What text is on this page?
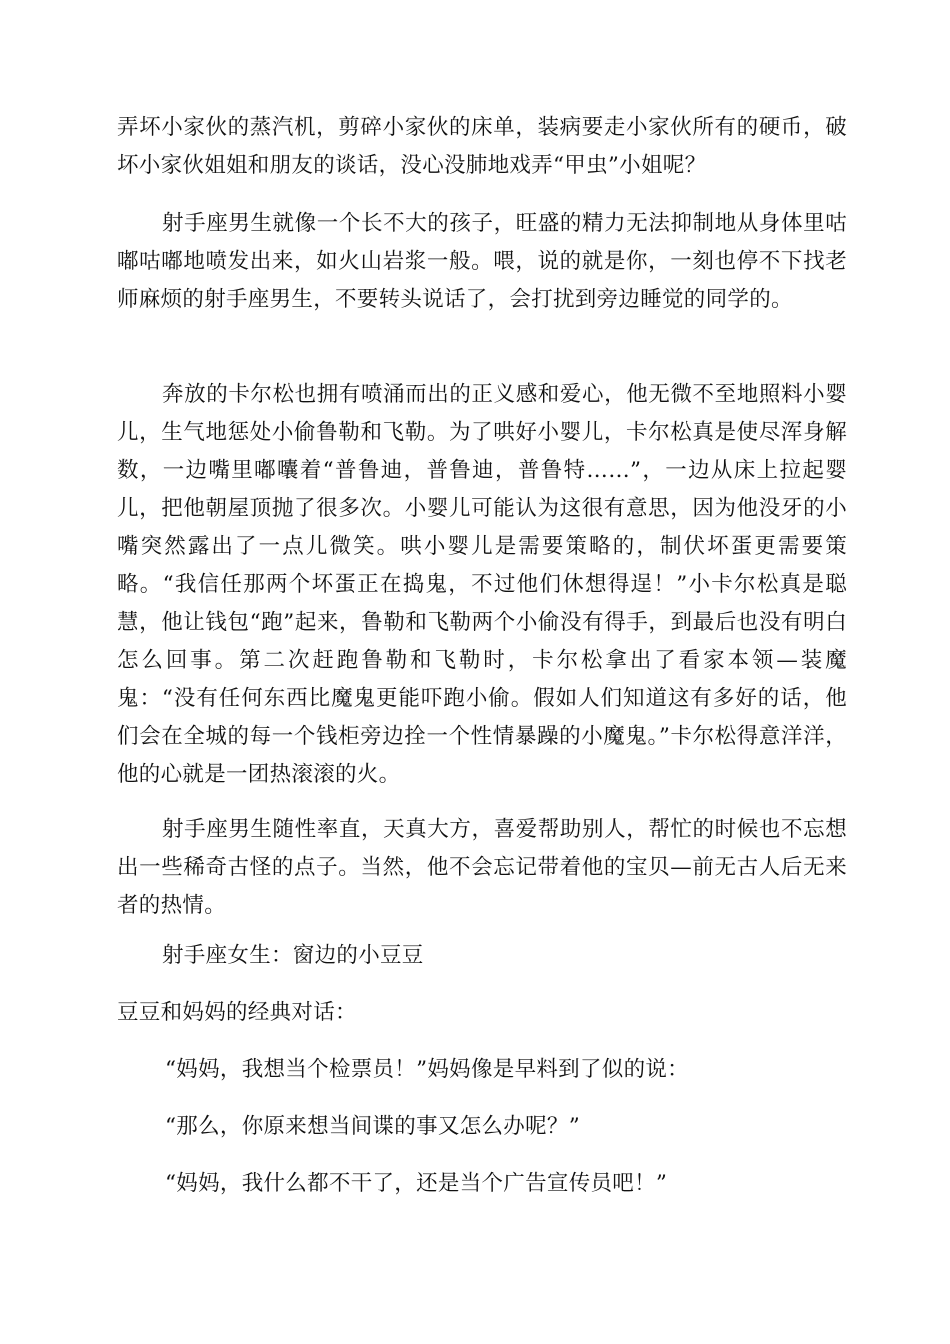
弄坏小家伙的蒸汽机，剪碎小家伙的床单，装病要走小家伙所有的硬币，破坏小家伙姐姐和朋友的谈话，没心没肺地戏弄“甲虫”小姐呢？

射手座男生就像一个长不大的孩子，旺盛的精力无法抑制地从身体里咕嘟咕嘟地喷发出来，如火山岩浆一般。喂，说的就是你，一刻也停不下找老师麻烦的射手座男生，不要转头说话了，会打扰到旁边睡觉的同学的。

奔放的卡尔松也拥有喷涌而出的正义感和爱心，他无微不至地照料小婴儿，生气地惩处小偷鲁勒和飞勒。为了哄好小婴儿，卡尔松真是使尽浑身解数，一边嘴里嘟囔着“普鲁迪，普鲁迪，普鲁特……”，一边从床上拉起婴儿，把他朝屋顶抛了很多次。小婴儿可能认为这很有意思，因为他没牙的小嘴突然露出了一点儿微笑。哄小婴儿是需要策略的，制伏坏蛋更需要策略。“我信任那两个坏蛋正在捣鬼，不过他们休想得逞！”小卡尔松真是聪慧，他让钱包“跑”起来，鲁勒和飞勒两个小偷没有得手，到最后也没有明白怎么回事。第二次赶跑鲁勒和飞勒时，卡尔松拿出了看家本领—装魔鬼：“没有任何东西比魔鬼更能吓跑小偷。假如人们知道这有多好的话，他们会在全城的每一个钱柜旁边拴一个性情暴躁的小魔鬼。”卡尔松得意洋洋，他的心就是一团热滚滚的火。

射手座男生随性率直，天真大方，喜爱帮助别人，帮忙的时候也不忘想出一些稀奇古怪的点子。当然，他不会忘记带着他的宝贝—前无古人后无来者的热情。

射手座女生：窗边的小豆豆

豆豆和妈妈的经典对话：

“妈妈，我想当个检票员！”妈妈像是早料到了似的说：

“那么，你原来想当间谍的事又怎么办呢？”

“妈妈，我什么都不干了，还是当个广告宣传员吧！”
